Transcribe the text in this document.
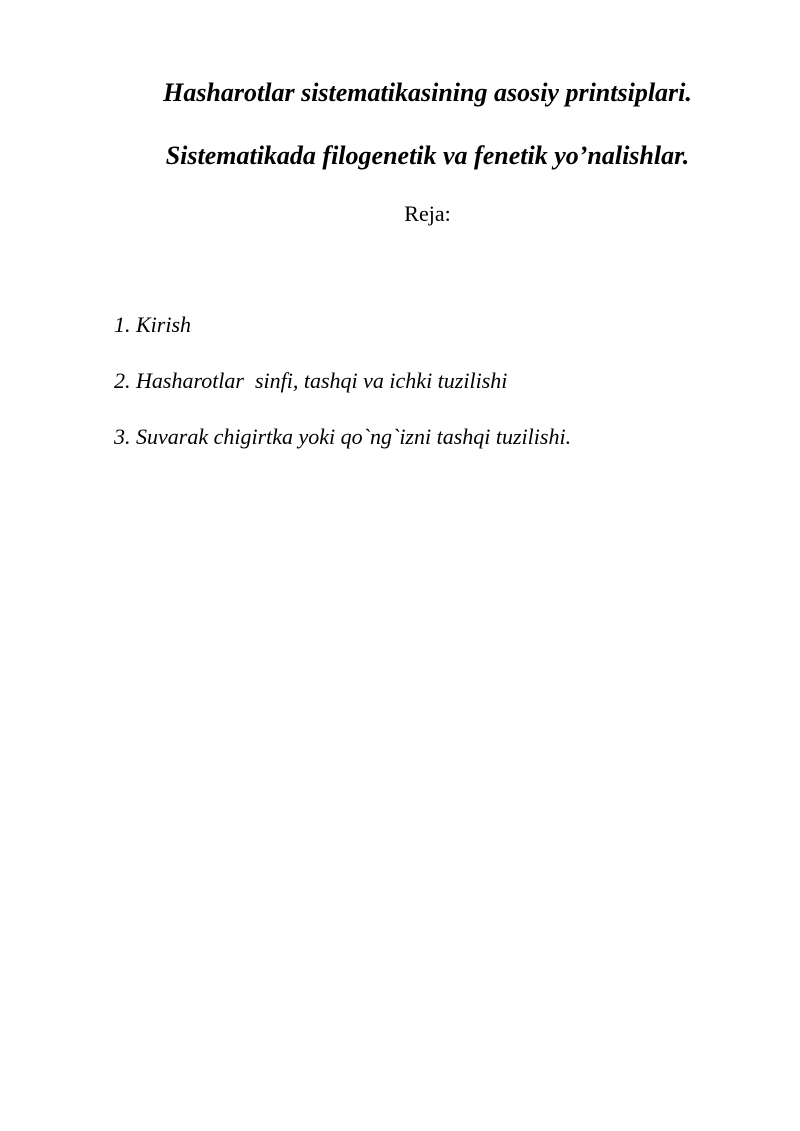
Hasharotlar sistematikasining asosiy printsiplari.
Sistematikada filogenetik va fenetik yo’nalishlar.
Reja:
1. Kirish
2. Hasharotlar  sinfi, tashqi va ichki tuzilishi
3. Suvarak chigirtka yoki qo`ng`izni tashqi tuzilishi.
